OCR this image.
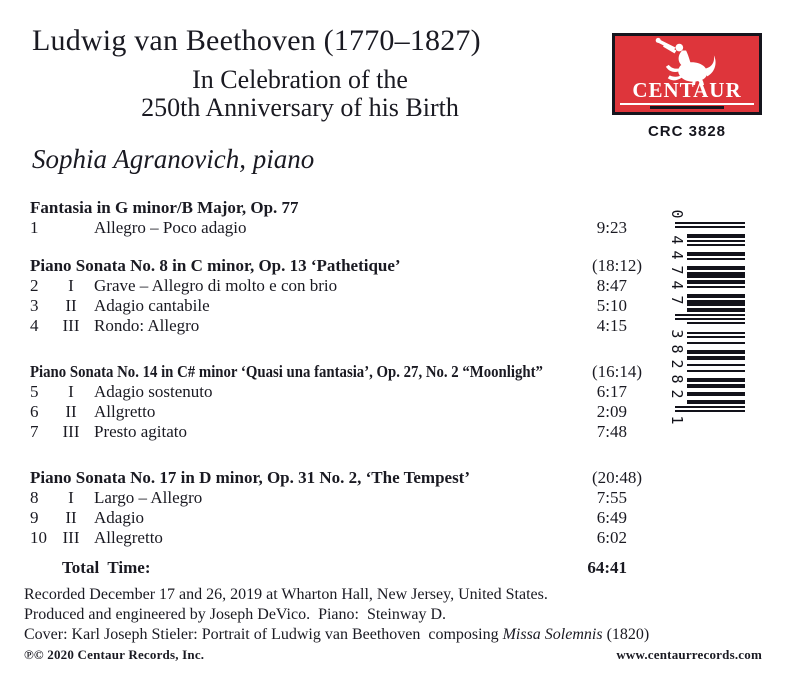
Ludwig van Beethoven (1770–1827)
In Celebration of the
250th Anniversary of his Birth
Sophia Agranovich, piano
CENTAUR
CRC 3828
Fantasia in G minor/B Major, Op. 77
1	Allegro – Poco adagio	9:23
Piano Sonata No. 8 in C minor, Op. 13 ‘Pathetique’	(18:12)
2	I	Grave – Allegro di molto e con brio	8:47
3	II	Adagio cantabile	5:10
4	III Rondo: Allegro	4:15
Piano Sonata No. 14 in C# minor ‘Quasi una fantasia’, Op. 27, No. 2 “Moonlight”	(16:14)
5	I	Adagio sostenuto	6:17
6	II	Allgretto	2:09
7	III Presto agitato	7:48
Piano Sonata No. 17 in D minor, Op. 31 No. 2, ‘The Tempest’	(20:48)
8	I	Largo – Allegro	7:55
9	II	Adagio	6:49
10 III Allegretto	6:02
Total  Time:	64:41
Recorded December 17 and 26, 2019 at Wharton Hall, New Jersey, United States.
Produced and engineered by Joseph DeVico.  Piano:  Steinway D.
Cover: Karl Joseph Stieler: Portrait of Ludwig van Beethoven  composing Missa Solemnis (1820)
℗© 2020 Centaur Records, Inc.	www.centaurrecords.com
0
44747
38282
1
